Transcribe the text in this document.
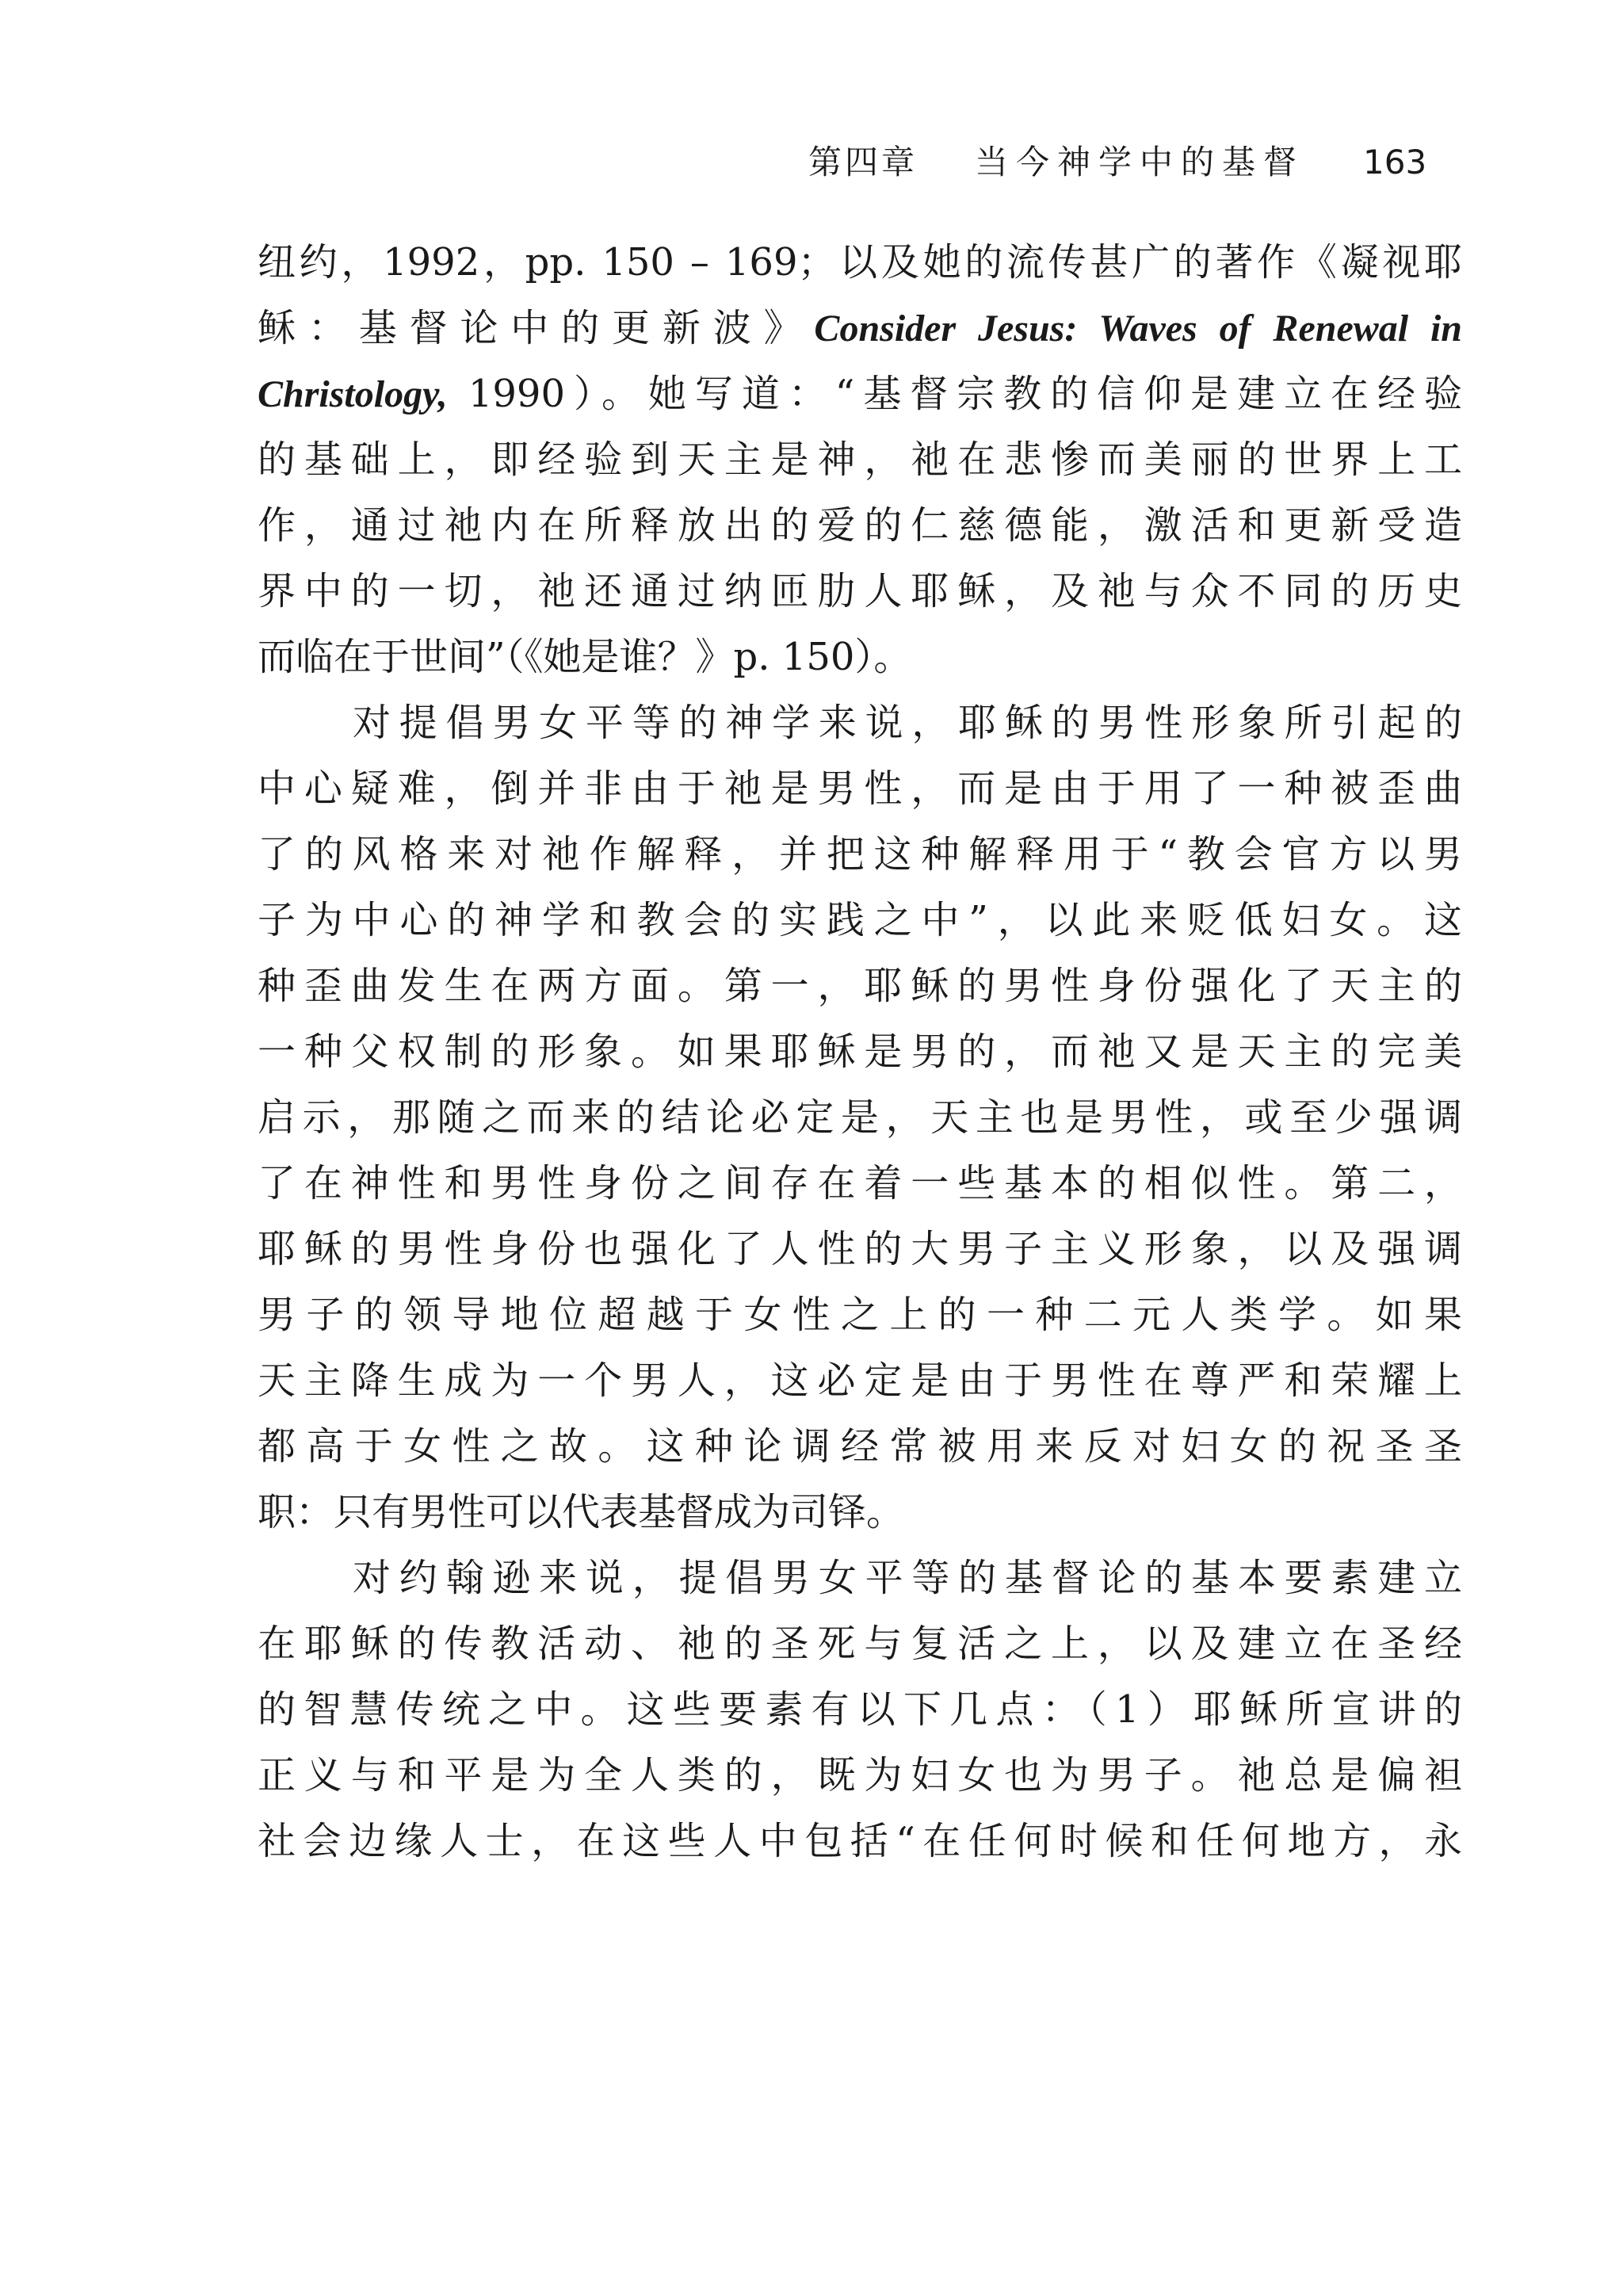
第四章 当今神学中的基督 163
纽约，1992，pp. 150 – 169；以及她的流传甚广的著作《凝视耶
稣：基督论中的更新波》Consider Jesus: Waves of Renewal in
Christology, 1990）。她写道：“基督宗教的信仰是建立在经验
的基础上，即经验到天主是神，祂在悲惨而美丽的世界上工
作，通过祂内在所释放出的爱的仁慈德能，激活和更新受造
界中的一切，祂还通过纳匝肋人耶稣，及祂与众不同的历史
而临在于世间”（《她是谁？》p. 150）。
对提倡男女平等的神学来说，耶稣的男性形象所引起的
中心疑难，倒并非由于祂是男性，而是由于用了一种被歪曲
了的风格来对祂作解释，并把这种解释用于“教会官方以男
子为中心的神学和教会的实践之中”，以此来贬低妇女。这
种歪曲发生在两方面。第一，耶稣的男性身份强化了天主的
一种父权制的形象。如果耶稣是男的，而祂又是天主的完美
启示，那随之而来的结论必定是，天主也是男性，或至少强调
了在神性和男性身份之间存在着一些基本的相似性。第二，
耶稣的男性身份也强化了人性的大男子主义形象，以及强调
男子的领导地位超越于女性之上的一种二元人类学。如果
天主降生成为一个男人，这必定是由于男性在尊严和荣耀上
都高于女性之故。这种论调经常被用来反对妇女的祝圣圣
职：只有男性可以代表基督成为司铎。
对约翰逊来说，提倡男女平等的基督论的基本要素建立
在耶稣的传教活动、祂的圣死与复活之上，以及建立在圣经
的智慧传统之中。这些要素有以下几点：（1）耶稣所宣讲的
正义与和平是为全人类的，既为妇女也为男子。祂总是偏袒
社会边缘人士，在这些人中包括“在任何时候和任何地方，永
